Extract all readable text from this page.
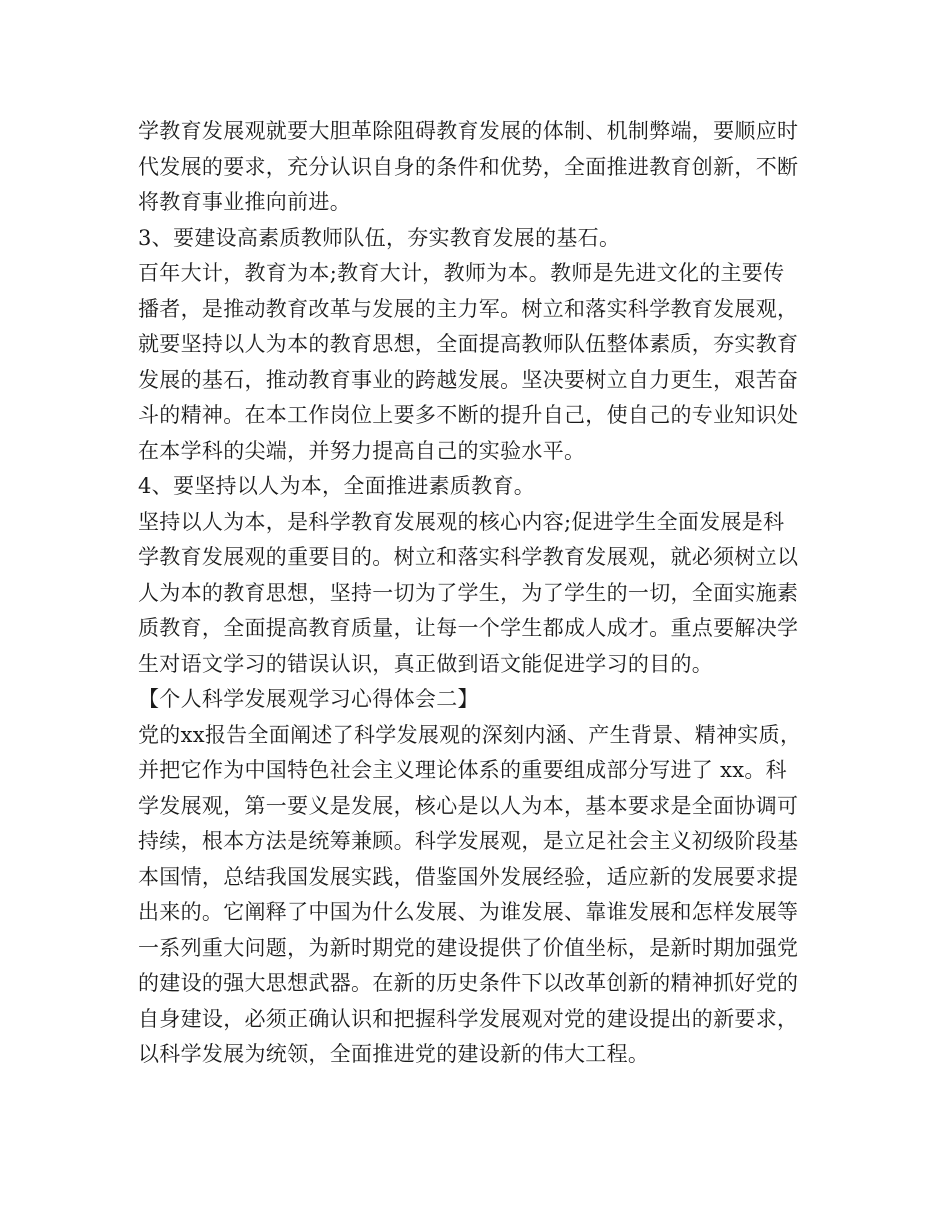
学教育发展观就要大胆革除阻碍教育发展的体制、机制弊端，要顺应时
代发展的要求，充分认识自身的条件和优势，全面推进教育创新，不断
将教育事业推向前进。
3、要建设高素质教师队伍，夯实教育发展的基石。
百年大计，教育为本;教育大计，教师为本。教师是先进文化的主要传
播者，是推动教育改革与发展的主力军。树立和落实科学教育发展观，
就要坚持以人为本的教育思想，全面提高教师队伍整体素质，夯实教育
发展的基石，推动教育事业的跨越发展。坚决要树立自力更生，艰苦奋
斗的精神。在本工作岗位上要多不断的提升自己，使自己的专业知识处
在本学科的尖端，并努力提高自己的实验水平。
4、要坚持以人为本，全面推进素质教育。
坚持以人为本，是科学教育发展观的核心内容;促进学生全面发展是科
学教育发展观的重要目的。树立和落实科学教育发展观，就必须树立以
人为本的教育思想，坚持一切为了学生，为了学生的一切，全面实施素
质教育，全面提高教育质量，让每一个学生都成人成才。重点要解决学
生对语文学习的错误认识，真正做到语文能促进学习的目的。
【个人科学发展观学习心得体会二】
党的xx报告全面阐述了科学发展观的深刻内涵、产生背景、精神实质，
并把它作为中国特色社会主义理论体系的重要组成部分写进了 xx。科
学发展观，第一要义是发展，核心是以人为本，基本要求是全面协调可
持续，根本方法是统筹兼顾。科学发展观，是立足社会主义初级阶段基
本国情，总结我国发展实践，借鉴国外发展经验，适应新的发展要求提
出来的。它阐释了中国为什么发展、为谁发展、靠谁发展和怎样发展等
一系列重大问题，为新时期党的建设提供了价值坐标，是新时期加强党
的建设的强大思想武器。在新的历史条件下以改革创新的精神抓好党的
自身建设，必须正确认识和把握科学发展观对党的建设提出的新要求，
以科学发展为统领，全面推进党的建设新的伟大工程。
